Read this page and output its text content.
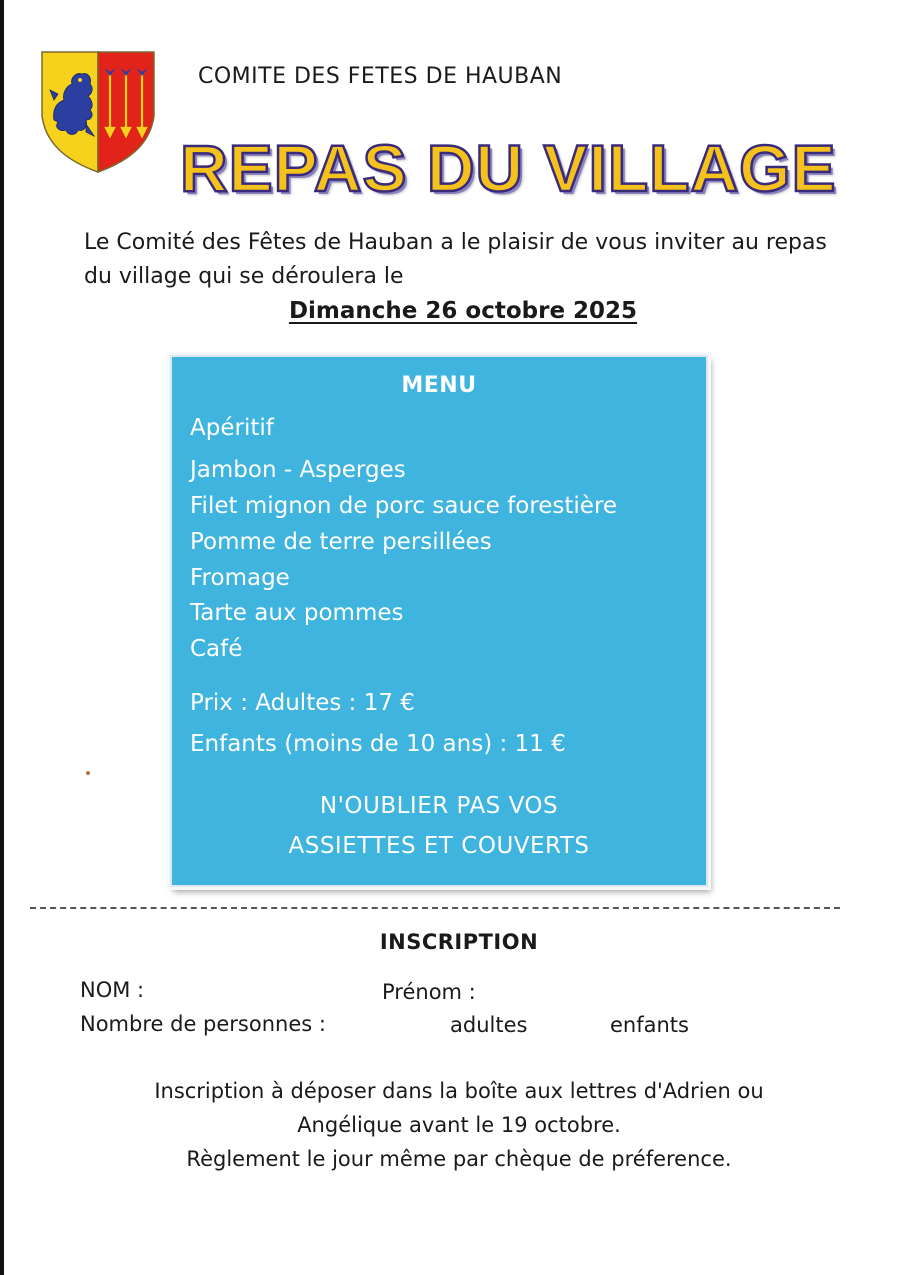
COMITE DES FETES DE HAUBAN
REPAS DU VILLAGE
Le Comité des Fêtes de Hauban a le plaisir de vous inviter au repas
du village qui se déroulera le
Dimanche 26 octobre 2025
MENU
Apéritif
Jambon - Asperges
Filet mignon de porc sauce forestière
Pomme de terre persillées
Fromage
Tarte aux pommes
Café
Prix : Adultes : 17 €
Enfants (moins de 10 ans) : 11 €
N'OUBLIER PAS VOS
ASSIETTES ET COUVERTS
INSCRIPTION
NOM :	Prénom :
Nombre de personnes :	adultes	enfants
Inscription à déposer dans la boîte aux lettres d'Adrien ou
Angélique avant le 19 octobre.
Règlement le jour même par chèque de préference.
